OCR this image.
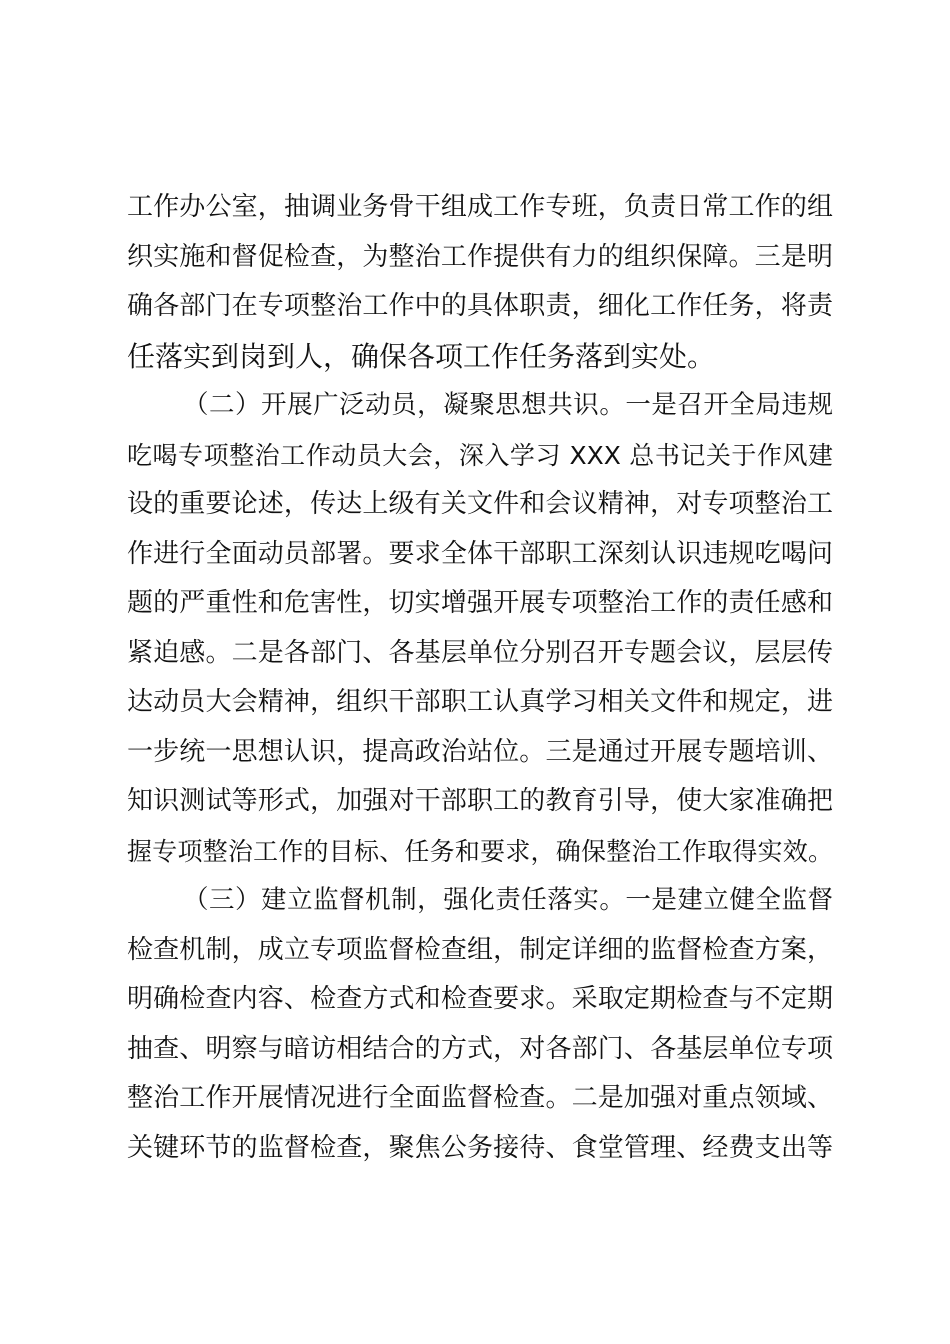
工作办公室，抽调业务骨干组成工作专班，负责日常工作的组

织实施和督促检查，为整治工作提供有力的组织保障。三是明

确各部门在专项整治工作中的具体职责，细化工作任务，将责

任落实到岗到人，确保各项工作任务落到实处。

（二）开展广泛动员，凝聚思想共识。一是召开全局违规

吃喝专项整治工作动员大会，深入学习 XXX 总书记关于作风建

设的重要论述，传达上级有关文件和会议精神，对专项整治工

作进行全面动员部署。要求全体干部职工深刻认识违规吃喝问

题的严重性和危害性，切实增强开展专项整治工作的责任感和

紧迫感。二是各部门、各基层单位分别召开专题会议，层层传

达动员大会精神，组织干部职工认真学习相关文件和规定，进

一步统一思想认识，提高政治站位。三是通过开展专题培训、

知识测试等形式，加强对干部职工的教育引导，使大家准确把

握专项整治工作的目标、任务和要求，确保整治工作取得实效。

（三）建立监督机制，强化责任落实。一是建立健全监督

检查机制，成立专项监督检查组，制定详细的监督检查方案，

明确检查内容、检查方式和检查要求。采取定期检查与不定期

抽查、明察与暗访相结合的方式，对各部门、各基层单位专项

整治工作开展情况进行全面监督检查。二是加强对重点领域、

关键环节的监督检查，聚焦公务接待、食堂管理、经费支出等
